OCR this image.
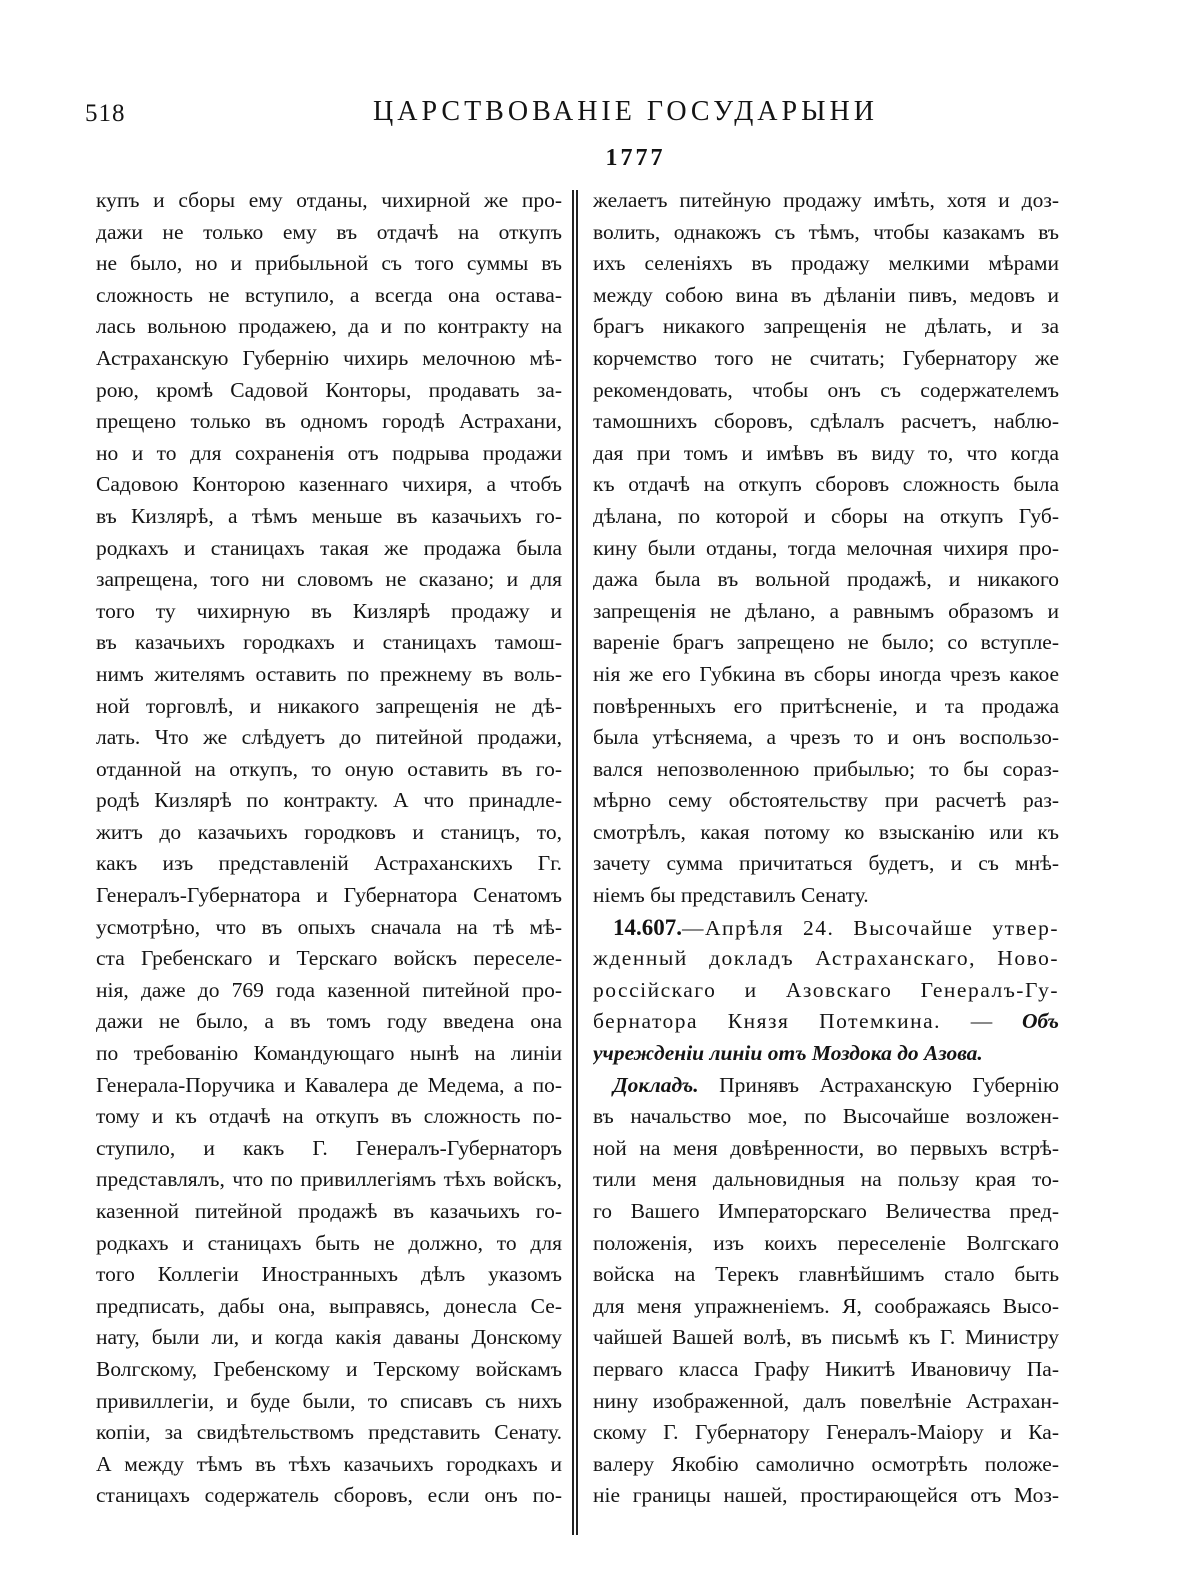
518	ЦАРСТВОВАНІЕ ГОСУДАРЫНИ
1777
купъ и сборы ему отданы, чихирной же про-
дажи не только ему въ отдачѣ на откупъ
не было, но и прибыльной съ того суммы въ
сложность не вступило, а всегда она остава-
лась вольною продажею, да и по контракту на
Астраханскую Губернію чихирь мелочною мѣ-
рою, кромѣ Садовой Конторы, продавать за-
прещено только въ одномъ городѣ Астрахани,
но и то для сохраненія отъ подрыва продажи
Садовою Конторою казеннаго чихиря, а чтобъ
въ Кизлярѣ, а тѣмъ меньше въ казачьихъ го-
родкахъ и станицахъ такая же продажа была
запрещена, того ни словомъ не сказано; и для
того ту чихирную въ Кизлярѣ продажу и
въ казачьихъ городкахъ и станицахъ тамош-
нимъ жителямъ оставить по прежнему въ воль-
ной торговлѣ, и никакого запрещенія не дѣ-
лать. Что же слѣдуетъ до питейной продажи,
отданной на откупъ, то оную оставить въ го-
родѣ Кизлярѣ по контракту. А что принадле-
житъ до казачьихъ городковъ и станицъ, то,
какъ изъ представленій Астраханскихъ Гг.
Генералъ-Губернатора и Губернатора Сенатомъ
усмотрѣно, что въ опыхъ сначала на тѣ мѣ-
ста Гребенскаго и Терскаго войскъ переселе-
нія, даже до 769 года казенной питейной про-
дажи не было, а въ томъ году введена она
по требованію Командующаго нынѣ на линіи
Генерала-Поручика и Кавалера де Медема, а по-
тому и къ отдачѣ на откупъ въ сложность по-
ступило, и какъ Г. Генералъ-Губернаторъ
представлялъ, что по привиллегіямъ тѣхъ войскъ,
казенной питейной продажѣ въ казачьихъ го-
родкахъ и станицахъ быть не должно, то для
того Коллегіи Иностранныхъ дѣлъ указомъ
предписать, дабы она, выправясь, донесла Се-
нату, были ли, и когда какія даваны Донскому
Волгскому, Гребенскому и Терскому войскамъ
привиллегіи, и буде были, то списавъ съ нихъ
копіи, за свидѣтельствомъ представить Сенату.
А между тѣмъ въ тѣхъ казачьихъ городкахъ и
станицахъ содержатель сборовъ, если онъ по-
желаетъ питейную продажу имѣть, хотя и доз-
волить, однакожъ съ тѣмъ, чтобы казакамъ въ
ихъ селеніяхъ въ продажу мелкими мѣрами
между собою вина въ дѣланіи пивъ, медовъ и
брагъ никакого запрещенія не дѣлать, и за
корчемство того не считать; Губернатору же
рекомендовать, чтобы онъ съ содержателемъ
тамошнихъ сборовъ, сдѣлалъ расчетъ, наблю-
дая при томъ и имѣвъ въ виду то, что когда
къ отдачѣ на откупъ сборовъ сложность была
дѣлана, по которой и сборы на откупъ Губ-
кину были отданы, тогда мелочная чихиря про-
дажа была въ вольной продажѣ, и никакого
запрещенія не дѣлано, а равнымъ образомъ и
вареніе брагъ запрещено не было; со вступле-
нія же его Губкина въ сборы иногда чрезъ какое
повѣренныхъ его притѣсненіе, и та продажа
была утѣсняема, а чрезъ то и онъ воспользо-
вался непозволенною прибылью; то бы сораз-
мѣрно сему обстоятельству при расчетѣ раз-
смотрѣлъ, какая потому ко взысканію или къ
зачету сумма причитаться будетъ, и съ мнѣ-
ніемъ бы представилъ Сенату.
14.607.—Апрѣля 24. Высочайше утвер-
жденный докладъ Астраханскаго, Ново-
россійскаго и Азовскаго Генералъ-Гу-
бернатора Князя Потемкина. — Объ
учрежденіи линіи отъ Моздока до Азова.
Докладъ. Принявъ Астраханскую Губернію
въ начальство мое, по Высочайше возложен-
ной на меня довѣренности, во первыхъ встрѣ-
тили меня дальновидныя на пользу края то-
го Вашего Императорскаго Величества пред-
положенія, изъ коихъ переселеніе Волгскаго
войска на Терекъ главнѣйшимъ стало быть
для меня упражненіемъ. Я, соображаясь Высо-
чайшей Вашей волѣ, въ письмѣ къ Г. Министру
перваго класса Графу Никитѣ Ивановичу Па-
нину изображенной, далъ повелѣніе Астрахан-
скому Г. Губернатору Генералъ-Маіору и Ка-
валеру Якобію самолично осмотрѣть положе-
ніе границы нашей, простирающейся отъ Моз-
